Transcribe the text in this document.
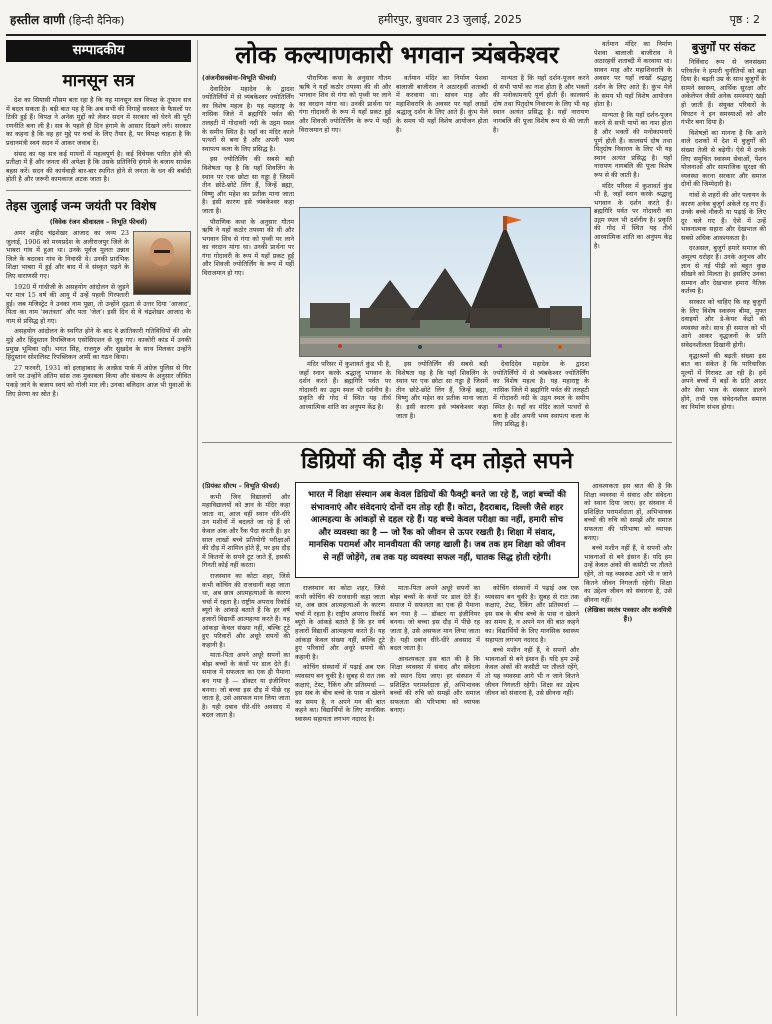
हस्तील वाणी (हिन्दी दैनिक)	हमीरपुर, बुधवार 23 जुलाई, 2025	पृष्ठ : 2
सम्पादकीय
मानसून सत्र

देश का सियासी मौसम बता रहा है कि यह मानसून सत्र विपक्ष के तूफान सत्र में बदल सकता है। बड़ी बात यह है कि अब सभी की निगाहें सरकार के फैसलों पर टिकी हुई हैं। विपक्ष ने अनेक मुद्दों को लेकर सदन में सरकार को घेरने की पूरी रणनीति बना ली है। सत्र के पहले ही दिन हंगामे के आसार दिखने लगे। सरकार का कहना है कि वह हर मुद्दे पर चर्चा के लिए तैयार है, पर विपक्ष चाहता है कि प्रधानमंत्री स्वयं सदन में आकर जवाब दें।

संसद का यह सत्र कई मायनों में महत्वपूर्ण है। कई विधेयक पारित होने की प्रतीक्षा में हैं और जनता की अपेक्षा है कि उसके प्रतिनिधि हंगामे के बजाय सार्थक बहस करें। सदन की कार्यवाही बार-बार स्थगित होने से जनता के धन की बर्बादी होती है और जरूरी कामकाज अटक जाता है।

तेइस जुलाई जन्म जयंती पर विशेष
(विवेक रंजन श्रीवास्तव – विभूति फीचर्स)

अमर शहीद चंद्रशेखर आजाद का जन्म 23 जुलाई, 1906 को मध्यप्रदेश के अलीराजपुर जिले के भाबरा गांव में हुआ था। उनके पूर्वज मूलतः उन्नाव जिले के बदरका गांव के निवासी थे। उनकी प्रारंभिक शिक्षा भाबरा में हुई और बाद में वे संस्कृत पढ़ने के लिए वाराणसी गए।

1920 में गांधीजी के असहयोग आंदोलन से जुड़ने पर मात्र 15 वर्ष की आयु में उन्हें पहली गिरफ्तारी हुई। जब मजिस्ट्रेट ने उनका नाम पूछा, तो उन्होंने दृढ़ता से उत्तर दिया 'आजाद', पिता का नाम 'स्वतंत्रता' और पता 'जेल'। इसी दिन से वे चंद्रशेखर आजाद के नाम से प्रसिद्ध हो गए।

असहयोग आंदोलन के स्थगित होने के बाद वे क्रांतिकारी गतिविधियों की ओर मुड़े और हिंदुस्तान रिपब्लिकन एसोसिएशन से जुड़ गए। काकोरी कांड में उनकी प्रमुख भूमिका रही। भगत सिंह, राजगुरु और सुखदेव के साथ मिलकर उन्होंने हिंदुस्तान सोशलिस्ट रिपब्लिकन आर्मी का गठन किया।

27 फरवरी, 1931 को इलाहाबाद के अल्फ्रेड पार्क में अंग्रेज पुलिस से घिर जाने पर उन्होंने अंतिम सांस तक मुकाबला किया और संकल्प के अनुसार जीवित पकड़े जाने के बजाय स्वयं को गोली मार ली। उनका बलिदान आज भी युवाओं के लिए प्रेरणा का स्रोत है।

लोक कल्याणकारी भगवान त्र्यंबकेश्वर
(अंजनीसक्सेना–विभूति फीचर्स)

देवादिदेव महादेव के द्वादश ज्योतिर्लिंगों में से त्र्यंबकेश्वर ज्योतिर्लिंग का विशेष महत्व है। यह महाराष्ट्र के नासिक जिले में ब्रह्मगिरि पर्वत की तलहटी में गोदावरी नदी के उद्गम स्थल के समीप स्थित है। यहाँ का मंदिर काले पत्थरों से बना है और अपनी भव्य स्थापत्य कला के लिए प्रसिद्ध है।

इस ज्योतिर्लिंग की सबसे बड़ी विशेषता यह है कि यहाँ शिवलिंग के स्थान पर एक छोटा सा गड्ढा है जिसमें तीन छोटे-छोटे लिंग हैं, जिन्हें ब्रह्मा, विष्णु और महेश का प्रतीक माना जाता है। इसी कारण इसे त्र्यंबकेश्वर कहा जाता है।

पौराणिक कथा के अनुसार गौतम ऋषि ने यहाँ कठोर तपस्या की थी और भगवान शिव से गंगा को पृथ्वी पर लाने का वरदान मांगा था। उनकी प्रार्थना पर गंगा गोदावरी के रूप में यहाँ प्रकट हुईं और शिवजी ज्योतिर्लिंग के रूप में यहीं विराजमान हो गए।

पौराणिक कथा के अनुसार गौतम ऋषि ने यहाँ कठोर तपस्या की थी और भगवान शिव से गंगा को पृथ्वी पर लाने का वरदान मांगा था। उनकी प्रार्थना पर गंगा गोदावरी के रूप में यहाँ प्रकट हुईं और शिवजी ज्योतिर्लिंग के रूप में यहीं विराजमान हो गए।

वर्तमान मंदिर का निर्माण पेशवा बालाजी बाजीराव ने अठारहवीं शताब्दी में करवाया था। सावन माह और महाशिवरात्रि के अवसर पर यहाँ लाखों श्रद्धालु दर्शन के लिए आते हैं। कुंभ मेले के समय भी यहाँ विशेष आयोजन होता है।

मान्यता है कि यहाँ दर्शन-पूजन करने से सभी पापों का नाश होता है और भक्तों की मनोकामनाएँ पूर्ण होती हैं। कालसर्प दोष तथा पितृदोष निवारण के लिए भी यह स्थान अत्यंत प्रसिद्ध है। यहाँ नारायण नागबलि की पूजा विशेष रूप से की जाती है।

मंदिर परिसर में कुशावर्त कुंड भी है, जहाँ स्नान करके श्रद्धालु भगवान के दर्शन करते हैं। ब्रह्मगिरि पर्वत पर गोदावरी का उद्गम स्थल भी दर्शनीय है। प्रकृति की गोद में स्थित यह तीर्थ आध्यात्मिक शांति का अनुपम केंद्र है।

इस ज्योतिर्लिंग की सबसे बड़ी विशेषता यह है कि यहाँ शिवलिंग के स्थान पर एक छोटा सा गड्ढा है जिसमें तीन छोटे-छोटे लिंग हैं, जिन्हें ब्रह्मा, विष्णु और महेश का प्रतीक माना जाता है। इसी कारण इसे त्र्यंबकेश्वर कहा जाता है।

देवादिदेव महादेव के द्वादश ज्योतिर्लिंगों में से त्र्यंबकेश्वर ज्योतिर्लिंग का विशेष महत्व है। यह महाराष्ट्र के नासिक जिले में ब्रह्मगिरि पर्वत की तलहटी में गोदावरी नदी के उद्गम स्थल के समीप स्थित है। यहाँ का मंदिर काले पत्थरों से बना है और अपनी भव्य स्थापत्य कला के लिए प्रसिद्ध है।

वर्तमान मंदिर का निर्माण पेशवा बालाजी बाजीराव ने अठारहवीं शताब्दी में करवाया था। सावन माह और महाशिवरात्रि के अवसर पर यहाँ लाखों श्रद्धालु दर्शन के लिए आते हैं। कुंभ मेले के समय भी यहाँ विशेष आयोजन होता है।

मान्यता है कि यहाँ दर्शन-पूजन करने से सभी पापों का नाश होता है और भक्तों की मनोकामनाएँ पूर्ण होती हैं। कालसर्प दोष तथा पितृदोष निवारण के लिए भी यह स्थान अत्यंत प्रसिद्ध है। यहाँ नारायण नागबलि की पूजा विशेष रूप से की जाती है।

मंदिर परिसर में कुशावर्त कुंड भी है, जहाँ स्नान करके श्रद्धालु भगवान के दर्शन करते हैं। ब्रह्मगिरि पर्वत पर गोदावरी का उद्गम स्थल भी दर्शनीय है। प्रकृति की गोद में स्थित यह तीर्थ आध्यात्मिक शांति का अनुपम केंद्र है।

डिग्रियों की दौड़ में दम तोड़ते सपने
(प्रियंका सौरभ – विभूति फीचर्स)

कभी जिन विद्यालयों और महाविद्यालयों को ज्ञान के मंदिर कहा जाता था, आज वहीं स्थान धीरे-धीरे उन मशीनों में बदलते जा रहे हैं जो केवल अंक और रैंक पैदा करती हैं। हर साल लाखों बच्चे प्रतियोगी परीक्षाओं की दौड़ में शामिल होते हैं, पर इस दौड़ में कितनों के सपने टूट जाते हैं, इसकी गिनती कोई नहीं करता।

राजस्थान का कोटा शहर, जिसे कभी कोचिंग की राजधानी कहा जाता था, अब छात्र आत्महत्याओं के कारण चर्चा में रहता है। राष्ट्रीय अपराध रिकॉर्ड ब्यूरो के आंकड़े बताते हैं कि हर वर्ष हजारों विद्यार्थी आत्महत्या करते हैं। यह आंकड़ा केवल संख्या नहीं, बल्कि टूटे हुए परिवारों और अधूरे सपनों की कहानी है।

माता-पिता अपने अधूरे सपनों का बोझ बच्चों के कंधों पर डाल देते हैं। समाज में सफलता का एक ही पैमाना बन गया है — डॉक्टर या इंजीनियर बनना। जो बच्चा इस दौड़ में पीछे रह जाता है, उसे असफल मान लिया जाता है। यही दबाव धीरे-धीरे अवसाद में बदल जाता है।

भारत में शिक्षा संस्थान अब केवल डिग्रियों की फैक्ट्री बनते जा रहे हैं, जहां बच्चों की संभावनाएं और संवेदनाएं दोनों दम तोड़ रही हैं। कोटा, हैदराबाद, दिल्ली जैसे शहर आत्महत्या के आंकड़ों से दहल रहे हैं। यह बच्चे केवल परीक्षा का नहीं, हमारी सोच और व्यवस्था का है — जो रैंक को जीवन से ऊपर रखती है। शिक्षा में संवाद, मानसिक परामर्श और मानवीयता की जगह खाली है। जब तक हम शिक्षा को जीवन से नहीं जोड़ेंगे, तब तक यह व्यवस्था सफल नहीं, घातक सिद्ध होती रहेगी।

राजस्थान का कोटा शहर, जिसे कभी कोचिंग की राजधानी कहा जाता था, अब छात्र आत्महत्याओं के कारण चर्चा में रहता है। राष्ट्रीय अपराध रिकॉर्ड ब्यूरो के आंकड़े बताते हैं कि हर वर्ष हजारों विद्यार्थी आत्महत्या करते हैं। यह आंकड़ा केवल संख्या नहीं, बल्कि टूटे हुए परिवारों और अधूरे सपनों की कहानी है।

कोचिंग संस्थानों में पढ़ाई अब एक व्यवसाय बन चुकी है। सुबह से रात तक कक्षाएं, टेस्ट, रैंकिंग और प्रतिस्पर्धा — इस सब के बीच बच्चे के पास न खेलने का समय है, न अपने मन की बात कहने का। विद्यार्थियों के लिए मानसिक स्वास्थ्य सहायता लगभग नदारद है।

माता-पिता अपने अधूरे सपनों का बोझ बच्चों के कंधों पर डाल देते हैं। समाज में सफलता का एक ही पैमाना बन गया है — डॉक्टर या इंजीनियर बनना। जो बच्चा इस दौड़ में पीछे रह जाता है, उसे असफल मान लिया जाता है। यही दबाव धीरे-धीरे अवसाद में बदल जाता है।

आवश्यकता इस बात की है कि शिक्षा व्यवस्था में संवाद और संवेदना को स्थान दिया जाए। हर संस्थान में प्रशिक्षित परामर्शदाता हों, अभिभावक बच्चों की रुचि को समझें और समाज सफलता की परिभाषा को व्यापक बनाए।

कोचिंग संस्थानों में पढ़ाई अब एक व्यवसाय बन चुकी है। सुबह से रात तक कक्षाएं, टेस्ट, रैंकिंग और प्रतिस्पर्धा — इस सब के बीच बच्चे के पास न खेलने का समय है, न अपने मन की बात कहने का। विद्यार्थियों के लिए मानसिक स्वास्थ्य सहायता लगभग नदारद है।

बच्चे मशीन नहीं हैं, वे सपनों और भावनाओं से बने इंसान हैं। यदि हम उन्हें केवल अंकों की कसौटी पर तौलते रहेंगे, तो यह व्यवस्था आगे भी न जाने कितने जीवन निगलती रहेगी। शिक्षा का उद्देश्य जीवन को संवारना है, उसे छीनना नहीं।

आवश्यकता इस बात की है कि शिक्षा व्यवस्था में संवाद और संवेदना को स्थान दिया जाए। हर संस्थान में प्रशिक्षित परामर्शदाता हों, अभिभावक बच्चों की रुचि को समझें और समाज सफलता की परिभाषा को व्यापक बनाए।

बच्चे मशीन नहीं हैं, वे सपनों और भावनाओं से बने इंसान हैं। यदि हम उन्हें केवल अंकों की कसौटी पर तौलते रहेंगे, तो यह व्यवस्था आगे भी न जाने कितने जीवन निगलती रहेगी। शिक्षा का उद्देश्य जीवन को संवारना है, उसे छीनना नहीं।

(लेखिका स्वतंत्र पत्रकार और कवयित्री हैं।)

बुजुर्गों पर संकट

निर्विवाद रूप से जनसंख्या परिवर्तन ने हमारी चुनौतियों को बढ़ा दिया है। बढ़ती उम्र के साथ बुजुर्गों के सामने स्वास्थ्य, आर्थिक सुरक्षा और अकेलेपन जैसी अनेक समस्याएं खड़ी हो जाती हैं। संयुक्त परिवारों के विघटन ने इन समस्याओं को और गंभीर बना दिया है।

विशेषज्ञों का मानना है कि आने वाले दशकों में देश में बुजुर्गों की संख्या तेजी से बढ़ेगी। ऐसे में उनके लिए समुचित स्वास्थ्य सेवाओं, पेंशन योजनाओं और सामाजिक सुरक्षा की व्यवस्था करना सरकार और समाज दोनों की जिम्मेदारी है।

गांवों से शहरों की ओर पलायन के कारण अनेक बुजुर्ग अकेले रह गए हैं। उनके बच्चे नौकरी या पढ़ाई के लिए दूर चले गए हैं। ऐसे में उन्हें भावनात्मक सहारा और देखभाल की सबसे अधिक आवश्यकता है।

दरअसल, बुजुर्ग हमारे समाज की अमूल्य धरोहर हैं। उनके अनुभव और ज्ञान से नई पीढ़ी को बहुत कुछ सीखने को मिलता है। इसलिए उनका सम्मान और देखभाल हमारा नैतिक कर्तव्य है।

सरकार को चाहिए कि वह बुजुर्गों के लिए विशेष स्वास्थ्य बीमा, मुफ्त दवाइयों और डे-केयर केंद्रों की व्यवस्था करे। साथ ही समाज को भी आगे आकर वृद्धजनों के प्रति संवेदनशीलता दिखानी होगी।

वृद्धाश्रमों की बढ़ती संख्या इस बात का संकेत है कि पारिवारिक मूल्यों में गिरावट आ रही है। हमें अपने बच्चों में बड़ों के प्रति आदर और सेवा भाव के संस्कार डालने होंगे, तभी एक संवेदनशील समाज का निर्माण संभव होगा।
